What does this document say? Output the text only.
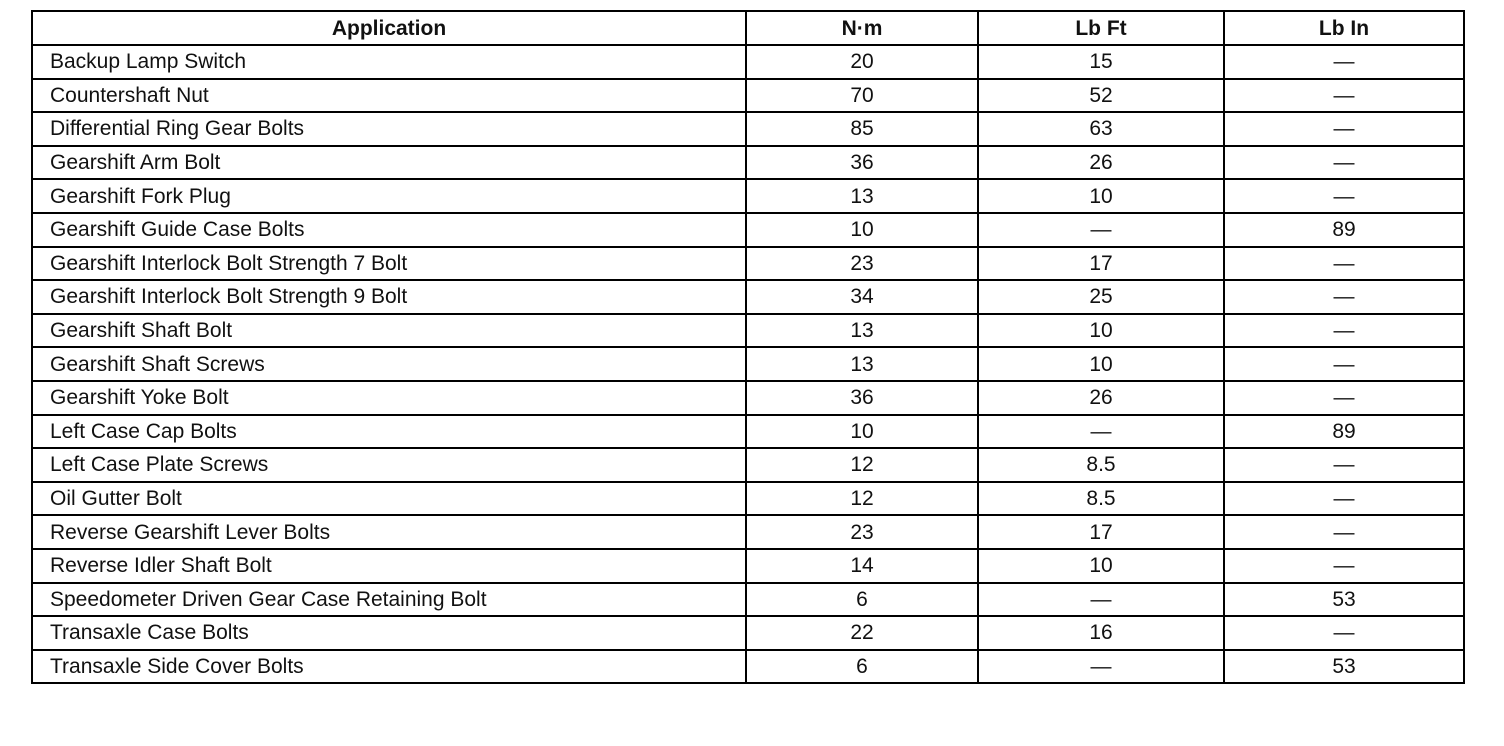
Application	N·m	Lb Ft	Lb In
Backup Lamp Switch	20	15	—
Countershaft Nut	70	52	—
Differential Ring Gear Bolts	85	63	—
Gearshift Arm Bolt	36	26	—
Gearshift Fork Plug	13	10	—
Gearshift Guide Case Bolts	10	—	89
Gearshift Interlock Bolt Strength 7 Bolt	23	17	—
Gearshift Interlock Bolt Strength 9 Bolt	34	25	—
Gearshift Shaft Bolt	13	10	—
Gearshift Shaft Screws	13	10	—
Gearshift Yoke Bolt	36	26	—
Left Case Cap Bolts	10	—	89
Left Case Plate Screws	12	8.5	—
Oil Gutter Bolt	12	8.5	—
Reverse Gearshift Lever Bolts	23	17	—
Reverse Idler Shaft Bolt	14	10	—
Speedometer Driven Gear Case Retaining Bolt	6	—	53
Transaxle Case Bolts	22	16	—
Transaxle Side Cover Bolts	6	—	53
